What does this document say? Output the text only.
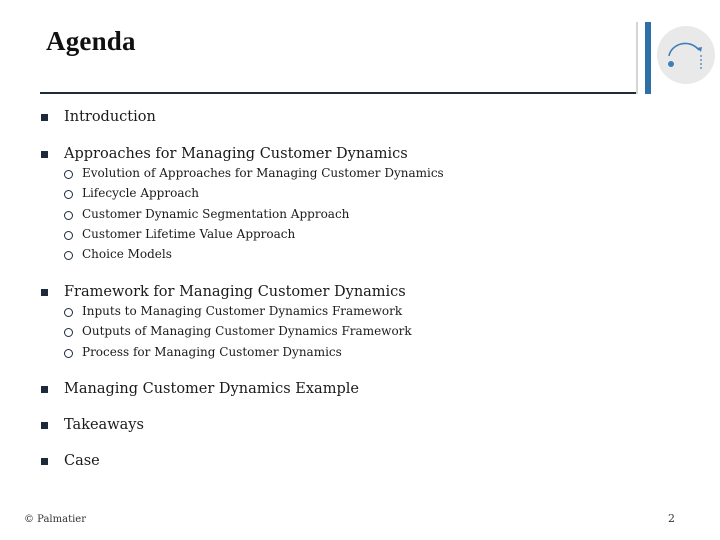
Agenda
Introduction
Approaches for Managing Customer Dynamics
Evolution of Approaches for Managing Customer Dynamics
Lifecycle Approach
Customer Dynamic Segmentation Approach
Customer Lifetime Value Approach
Choice Models
Framework for Managing Customer Dynamics
Inputs to Managing Customer Dynamics Framework
Outputs of Managing Customer Dynamics Framework
Process for Managing Customer Dynamics
Managing Customer Dynamics Example
Takeaways
Case
© Palmatier	2
